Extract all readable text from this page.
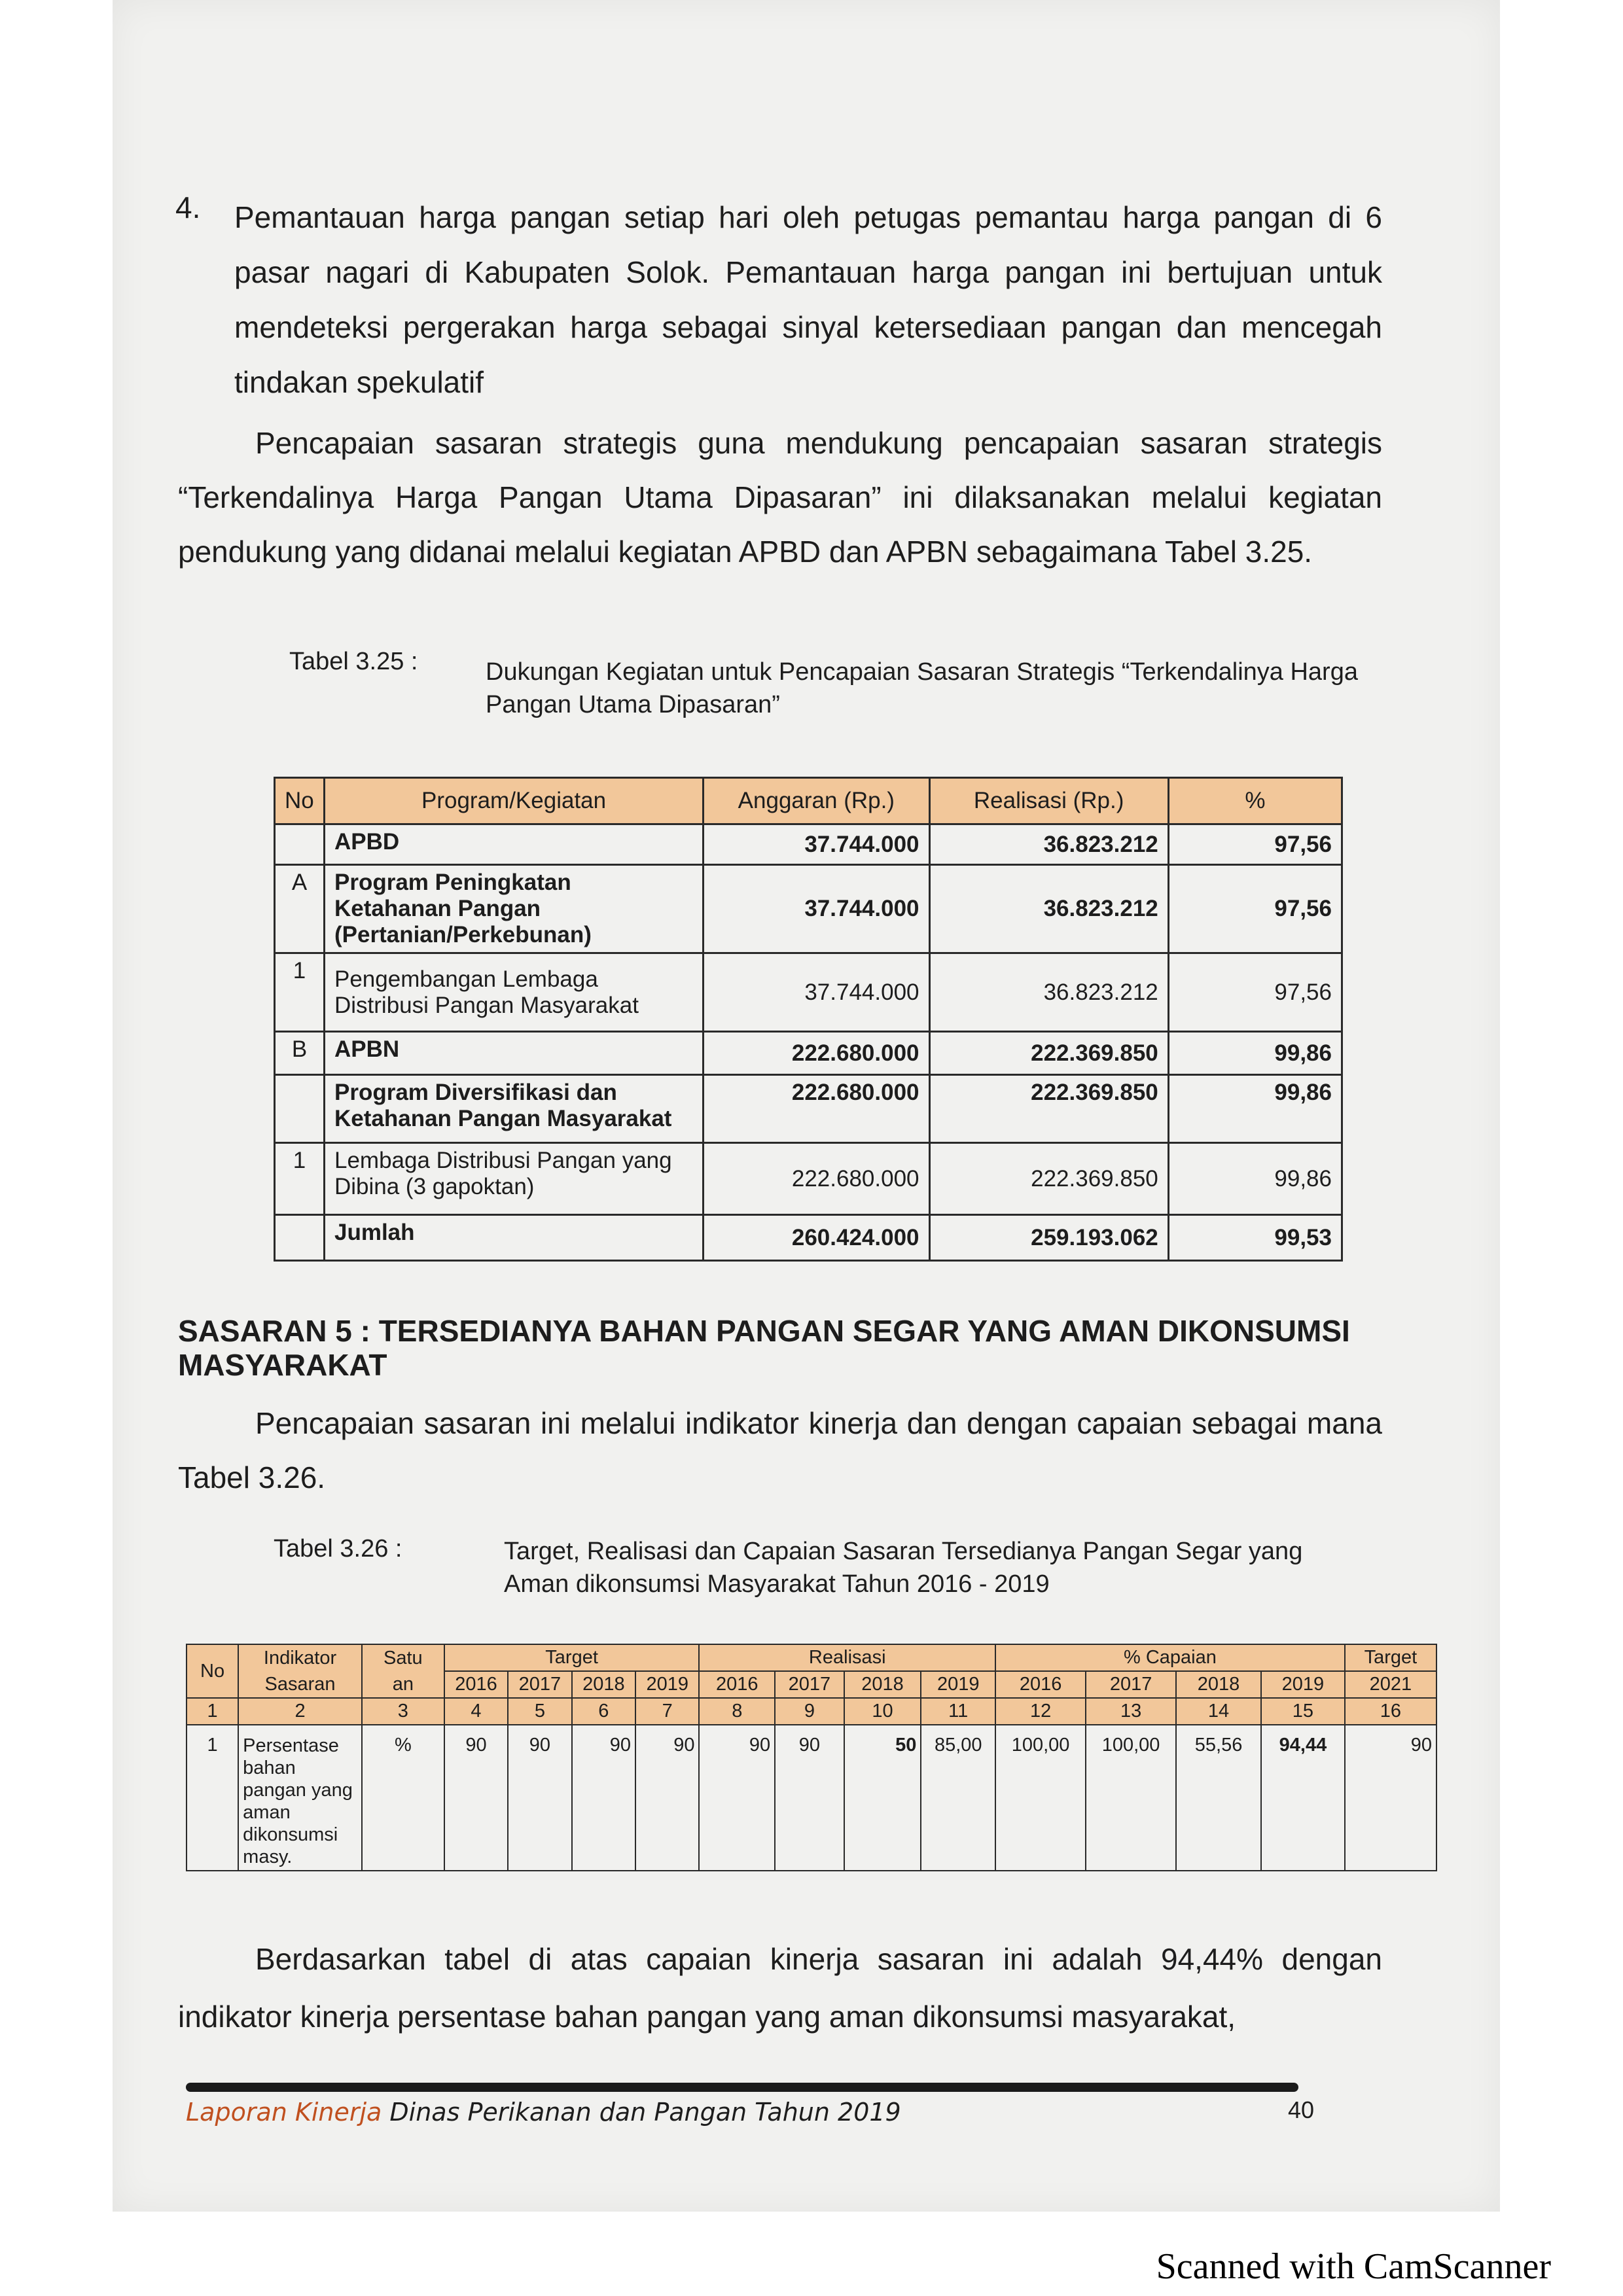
4. Pemantauan harga pangan setiap hari oleh petugas pemantau harga pangan di 6 pasar nagari di Kabupaten Solok. Pemantauan harga pangan ini bertujuan untuk mendeteksi pergerakan harga sebagai sinyal ketersediaan pangan dan mencegah tindakan spekulatif
Pencapaian sasaran strategis guna mendukung pencapaian sasaran strategis “Terkendalinya Harga Pangan Utama Dipasaran” ini dilaksanakan melalui kegiatan pendukung yang didanai melalui kegiatan APBD dan APBN sebagaimana Tabel 3.25.
Tabel 3.25 :	Dukungan Kegiatan untuk Pencapaian Sasaran Strategis “Terkendalinya Harga Pangan Utama Dipasaran”
No	Program/Kegiatan	Anggaran (Rp.)	Realisasi (Rp.)	%
	APBD	37.744.000	36.823.212	97,56
A	Program Peningkatan Ketahanan Pangan (Pertanian/Perkebunan)	37.744.000	36.823.212	97,56
1	Pengembangan Lembaga Distribusi Pangan Masyarakat	37.744.000	36.823.212	97,56
B	APBN	222.680.000	222.369.850	99,86
	Program Diversifikasi dan Ketahanan Pangan Masyarakat	222.680.000	222.369.850	99,86
1	Lembaga Distribusi Pangan yang Dibina (3 gapoktan)	222.680.000	222.369.850	99,86
	Jumlah	260.424.000	259.193.062	99,53
SASARAN 5 : TERSEDIANYA BAHAN PANGAN SEGAR YANG AMAN DIKONSUMSI MASYARAKAT
Pencapaian sasaran ini melalui indikator kinerja dan dengan capaian sebagai mana Tabel 3.26.
Tabel 3.26 :	Target, Realisasi dan Capaian Sasaran Tersedianya Pangan Segar yang Aman dikonsumsi Masyarakat Tahun 2016 - 2019
No	Indikator	Satu	Target				Realisasi				% Capaian				Target
	Sasaran	an	2016	2017	2018	2019	2016	2017	2018	2019	2016	2017	2018	2019	2021
1	2	3	4	5	6	7	8	9	10	11	12	13	14	15	16
1	Persentase bahan pangan yang aman dikonsumsi masy.	%	90	90	90	90	90	90	50	85,00	100,00	100,00	55,56	94,44	90
Berdasarkan tabel di atas capaian kinerja sasaran ini adalah 94,44% dengan indikator kinerja persentase bahan pangan yang aman dikonsumsi masyarakat,
Laporan Kinerja Dinas Perikanan dan Pangan Tahun 2019	40
Scanned with CamScanner
